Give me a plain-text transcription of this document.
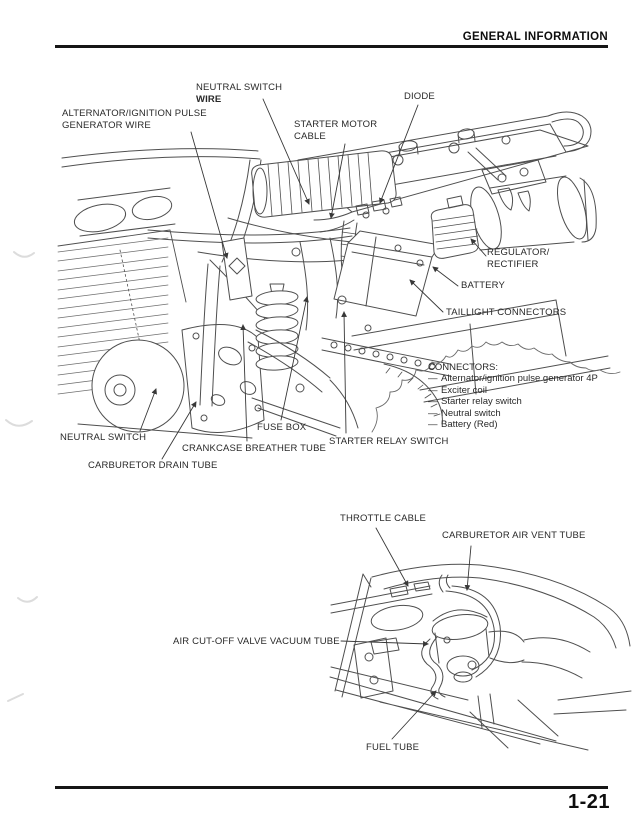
GENERAL INFORMATION
1-21
NEUTRAL SWITCH
WIRE	DIODE
ALTERNATOR/IGNITION PULSE
GENERATOR WIRE	STARTER MOTOR
CABLE
REGULATOR/
RECTIFIER
BATTERY
TAILLIGHT CONNECTORS
CONNECTORS:
— Alternator/ignition pulse generator 4P
— Exciter coil
— Starter relay switch
— Neutral switch
— Battery (Red)
NEUTRAL SWITCH
FUSE BOX
STARTER RELAY SWITCH
CRANKCASE BREATHER TUBE
CARBURETOR DRAIN TUBE
THROTTLE CABLE
CARBURETOR AIR VENT TUBE
AIR CUT-OFF VALVE VACUUM TUBE
FUEL TUBE
